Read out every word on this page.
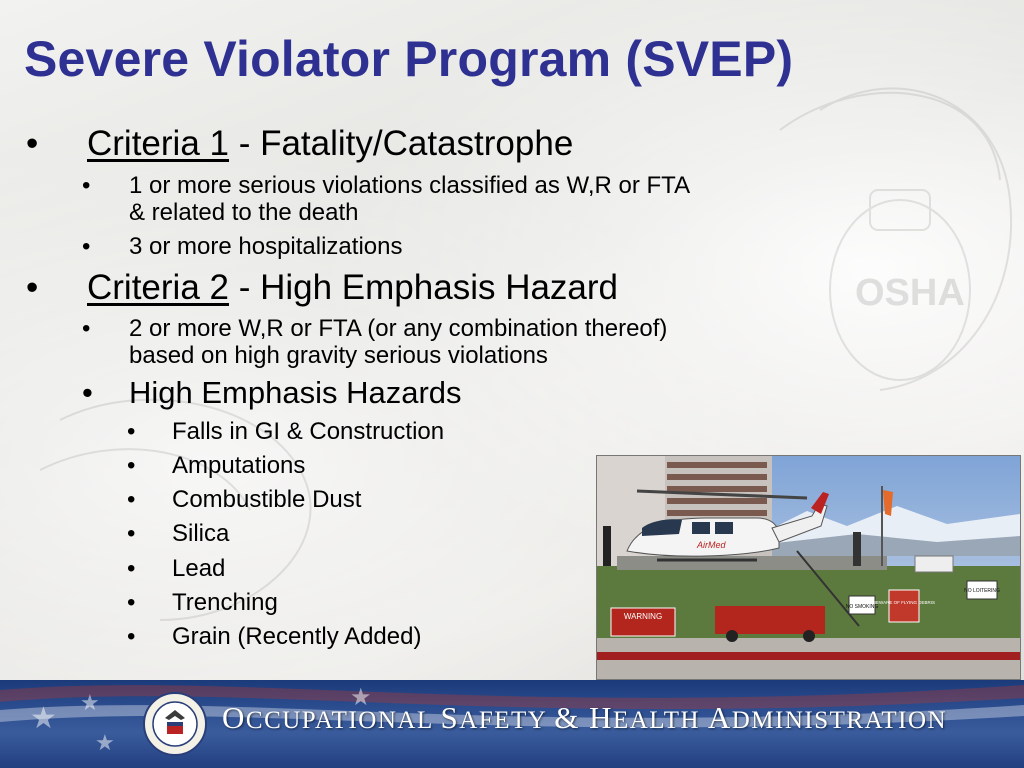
OSHA
Severe Violator Program (SVEP)
• Criteria 1 - Fatality/Catastrophe
• 1 or more serious violations classified as W,R or FTA
& related to the death
• 3 or more hospitalizations
• Criteria 2 - High Emphasis Hazard
• 2 or more W,R or FTA (or any combination thereof)
based on high gravity serious violations
• High Emphasis Hazards
• Falls in GI & Construction
• Amputations
• Combustible Dust
• Silica
• Lead
• Trenching
• Grain (Recently Added)
AirMed
WARNING
NO SMOKING
BEWARE OF FLYING DEBRIS
NO LOITERING
★ ★
★
★

OCCUPATIONAL SAFETY & HEALTH ADMINISTRATION
